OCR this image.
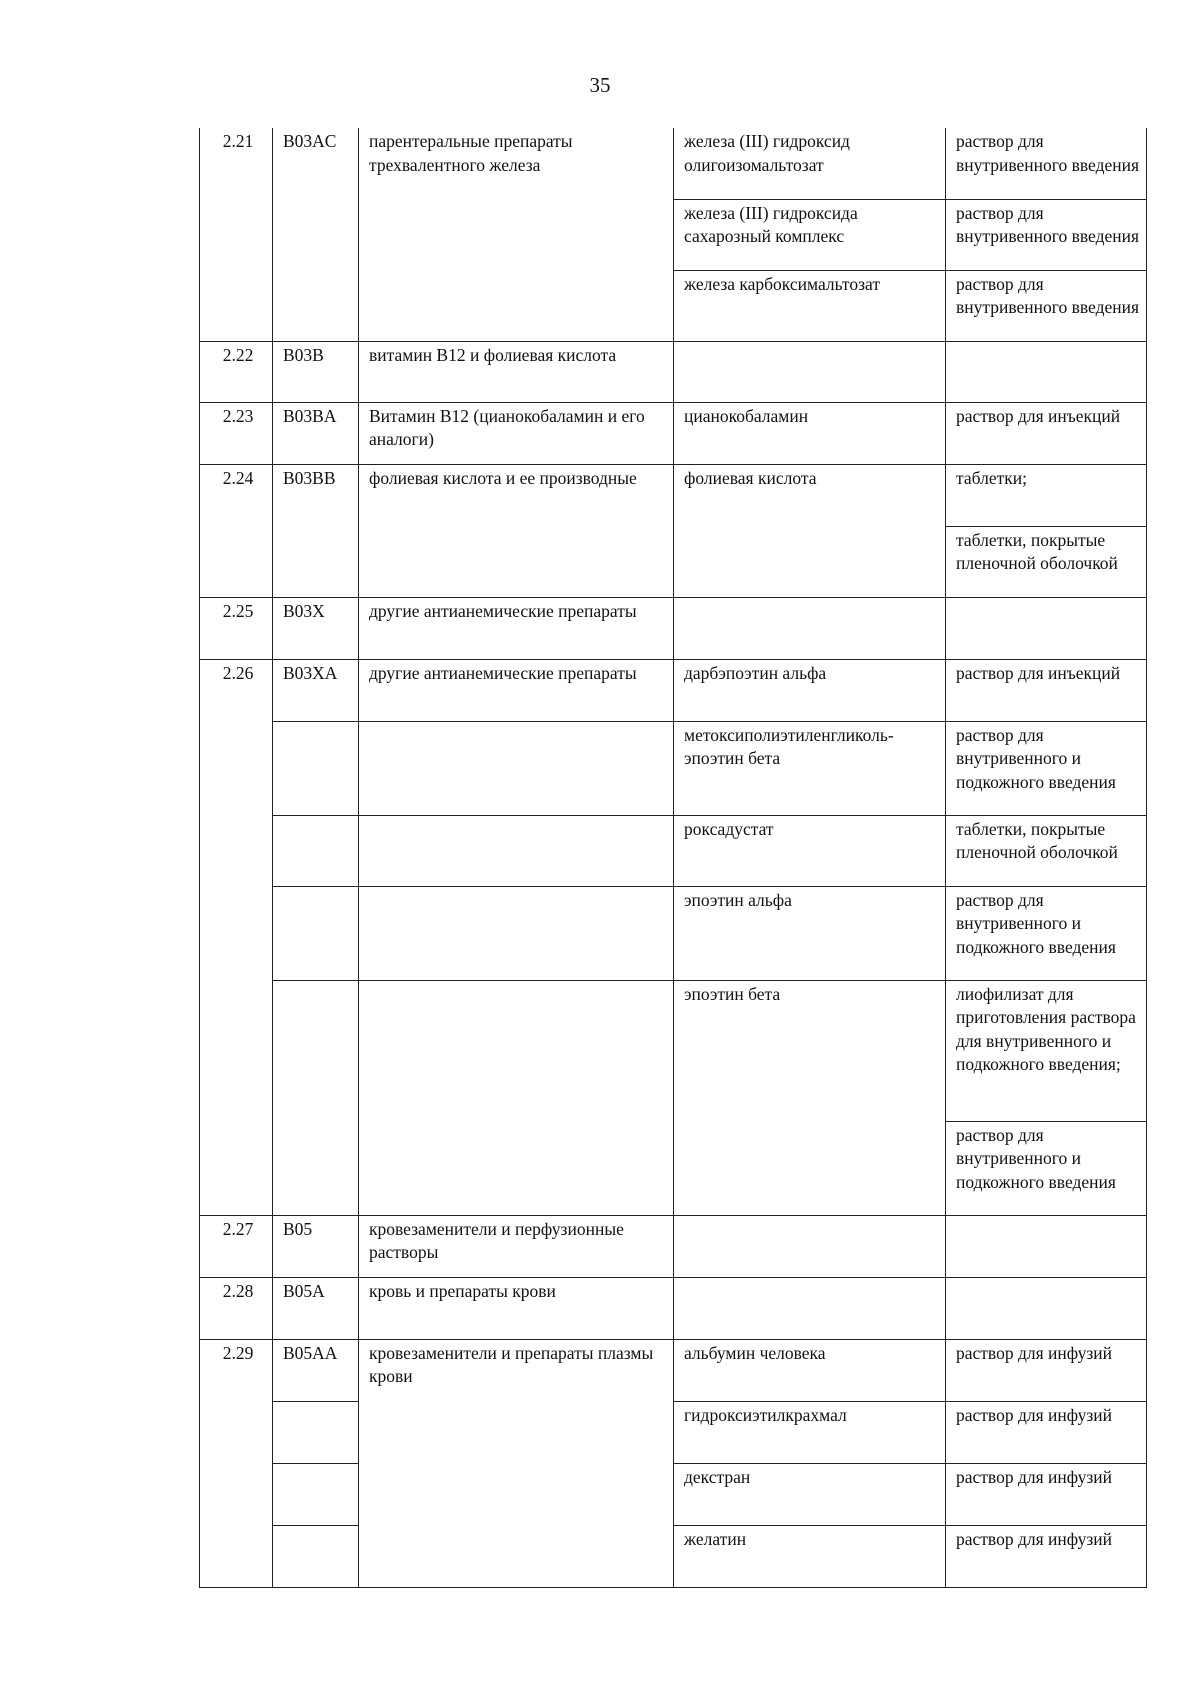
35
2.21	B03AC	парентеральные препараты трехвалентного железа	железа (III) гидроксид олигоизомальтозат	раствор для внутривенного введения
			железа (III) гидроксида сахарозный комплекс	раствор для внутривенного введения
			железа карбоксимальтозат	раствор для внутривенного введения
2.22	B03B	витамин B12 и фолиевая кислота		
2.23	B03BA	Витамин B12 (цианокобаламин и его аналоги)	цианокобаламин	раствор для инъекций
2.24	B03BB	фолиевая кислота и ее производные	фолиевая кислота	таблетки;
				таблетки, покрытые пленочной оболочкой
2.25	B03X	другие антианемические препараты		
2.26	B03XA	другие антианемические препараты	дарбэпоэтин альфа	раствор для инъекций
			метоксиполиэтиленгликоль-эпоэтин бета	раствор для внутривенного и подкожного введения
			роксадустат	таблетки, покрытые пленочной оболочкой
			эпоэтин альфа	раствор для внутривенного и подкожного введения
			эпоэтин бета	лиофилизат для приготовления раствора для внутривенного и подкожного введения;
				раствор для внутривенного и подкожного введения
2.27	B05	кровезаменители и перфузионные растворы		
2.28	B05A	кровь и препараты крови		
2.29	B05AA	кровезаменители и препараты плазмы крови	альбумин человека	раствор для инфузий
			гидроксиэтилкрахмал	раствор для инфузий
			декстран	раствор для инфузий
			желатин	раствор для инфузий
